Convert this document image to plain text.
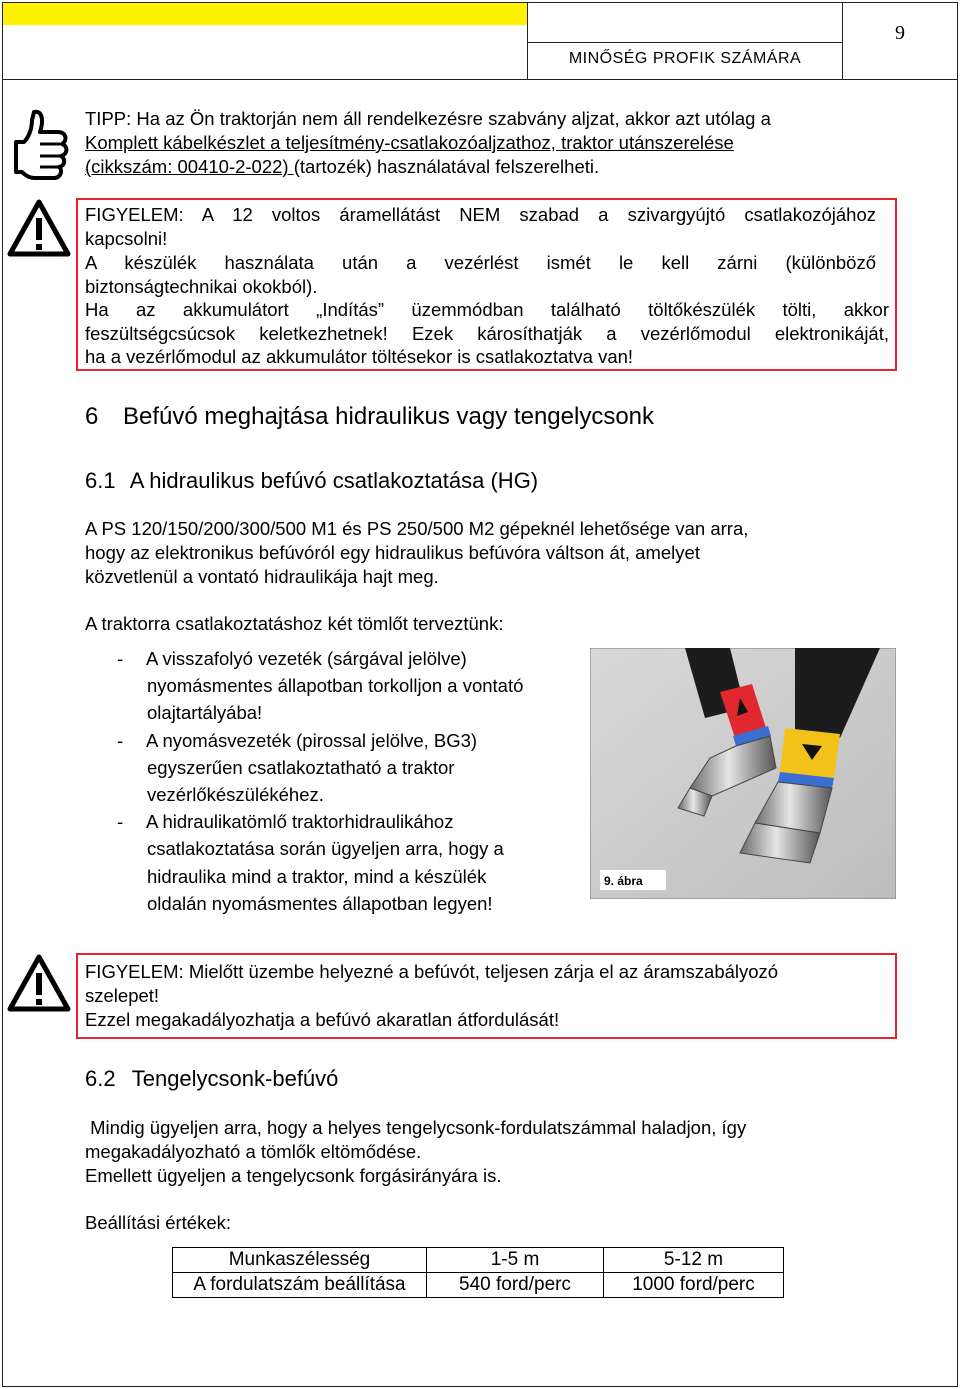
MINŐSÉG PROFIK SZÁMÁRA
9
TIPP: Ha az Ön traktorján nem áll rendelkezésre szabvány aljzat, akkor azt utólag a
Komplett kábelkészlet a teljesítmény-csatlakozóaljzathoz, traktor utánszerelése
(cikkszám: 00410-2-022) (tartozék) használatával felszerelheti.
FIGYELEM: A 12 voltos áramellátást NEM szabad a szivargyújtó csatlakozójához
kapcsolni!
A készülék használata után a vezérlést ismét le kell zárni (különböző
biztonságtechnikai okokból).
Ha az akkumulátort „Indítás” üzemmódban található töltőkészülék tölti, akkor
feszültségcsúcsok keletkezhetnek! Ezek károsíthatják a vezérlőmodul elektronikáját,
ha a vezérlőmodul az akkumulátor töltésekor is csatlakoztatva van!
6 Befúvó meghajtása hidraulikus vagy tengelycsonk
6.1 A hidraulikus befúvó csatlakoztatása (HG)
A PS 120/150/200/300/500 M1 és PS 250/500 M2 gépeknél lehetősége van arra,
hogy az elektronikus befúvóról egy hidraulikus befúvóra váltson át, amelyet
közvetlenül a vontató hidraulikája hajt meg.
A traktorra csatlakoztatáshoz két tömlőt terveztünk:
- A visszafolyó vezeték (sárgával jelölve)
nyomásmentes állapotban torkolljon a vontató
olajtartályába!
- A nyomásvezeték (pirossal jelölve, BG3)
egyszerűen csatlakoztatható a traktor
vezérlőkészülékéhez.
- A hidraulikatömlő traktorhidraulikához
csatlakoztatása során ügyeljen arra, hogy a
hidraulika mind a traktor, mind a készülék
oldalán nyomásmentes állapotban legyen!
9. ábra
FIGYELEM: Mielőtt üzembe helyezné a befúvót, teljesen zárja el az áramszabályozó
szelepet!
Ezzel megakadályozhatja a befúvó akaratlan átfordulását!
6.2 Tengelycsonk-befúvó
Mindig ügyeljen arra, hogy a helyes tengelycsonk-fordulatszámmal haladjon, így
megakadályozható a tömlők eltömődése.
Emellett ügyeljen a tengelycsonk forgásirányára is.
Beállítási értékek:
Munkaszélesség	1-5 m	5-12 m
A fordulatszám beállítása	540 ford/perc	1000 ford/perc
